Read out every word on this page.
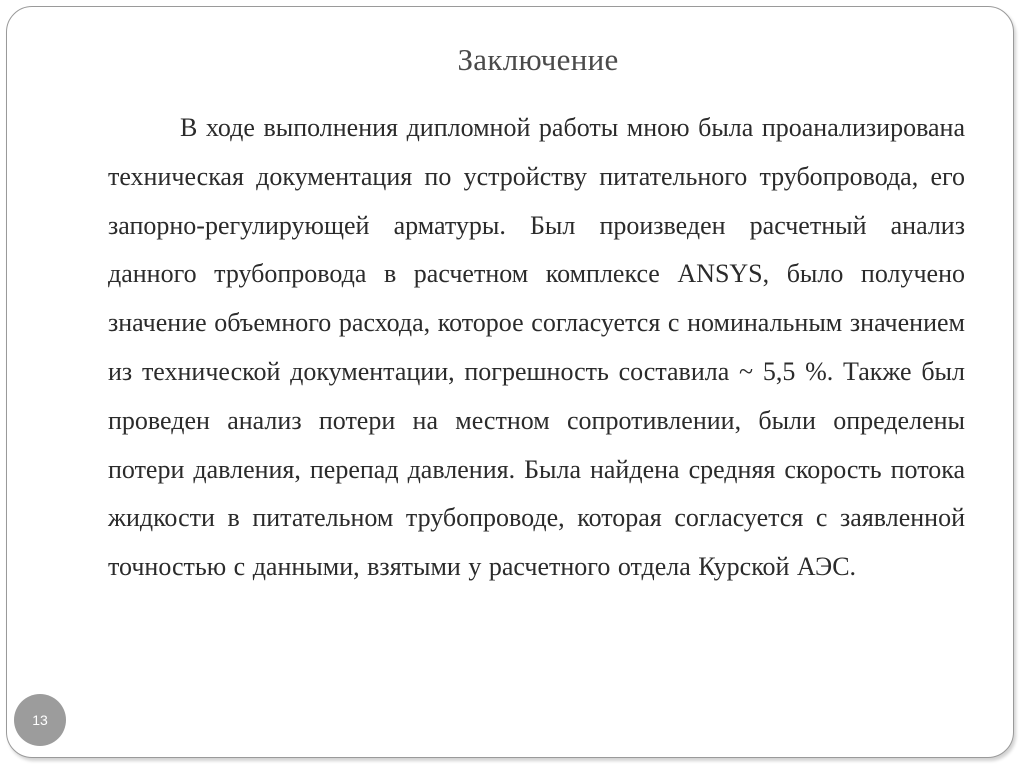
Заключение

В ходе выполнения дипломной работы мною была проанализирована техническая документация по устройству питательного трубопровода, его запорно-регулирующей арматуры. Был произведен расчетный анализ данного трубопровода в расчетном комплексе ANSYS, было получено значение объемного расхода, которое согласуется с номинальным значением из технической документации, погрешность составила ~ 5,5 %. Также был проведен анализ потери на местном сопротивлении, были определены потери давления, перепад давления. Была найдена средняя скорость потока жидкости в питательном трубопроводе, которая согласуется с заявленной точностью с данными, взятыми у расчетного отдела Курской АЭС.

13
